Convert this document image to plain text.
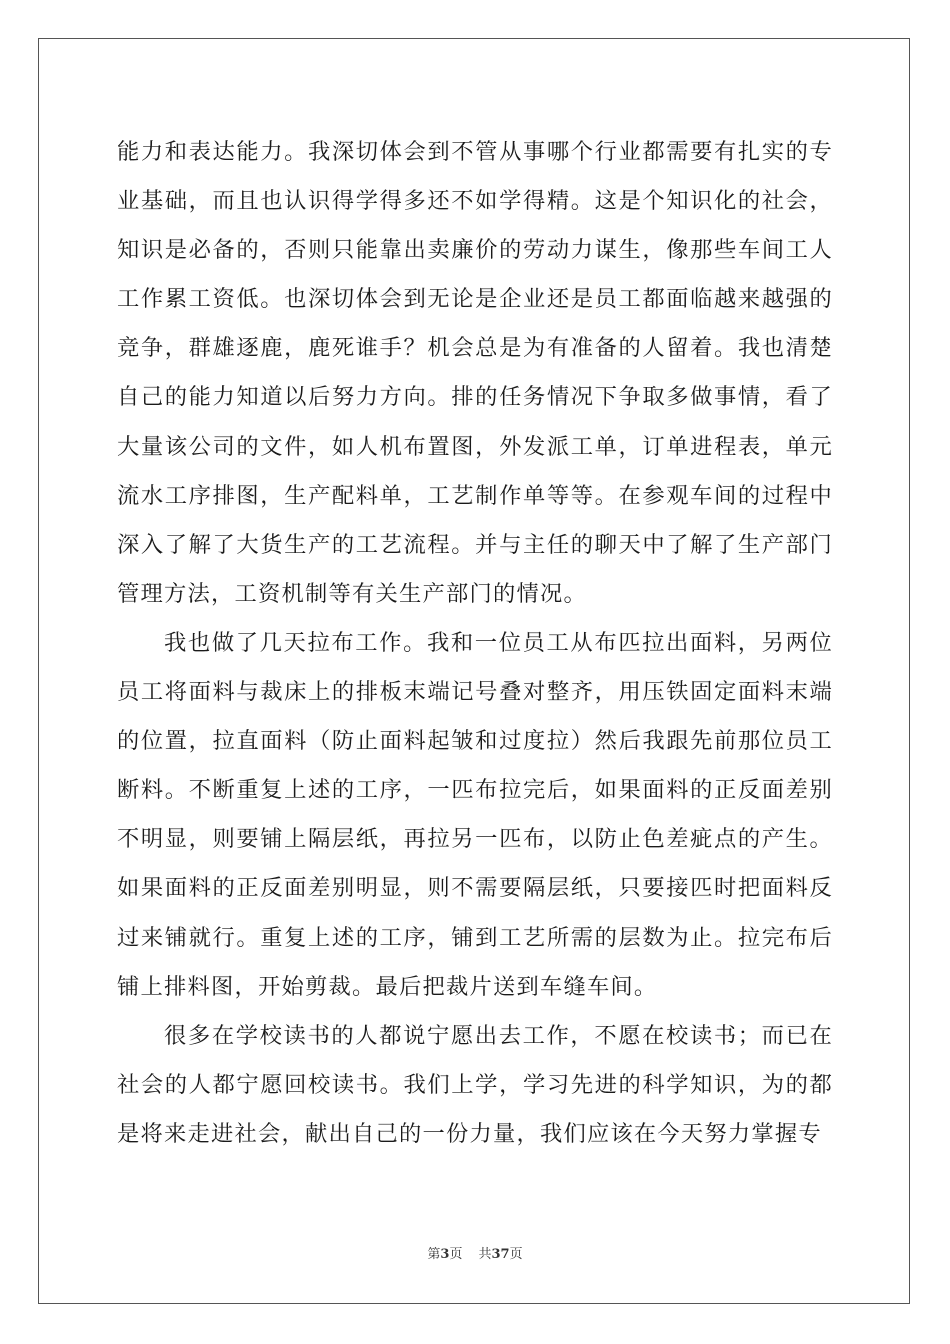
能力和表达能力。我深切体会到不管从事哪个行业都需要有扎实的专业基础，而且也认识得学得多还不如学得精。这是个知识化的社会，知识是必备的，否则只能靠出卖廉价的劳动力谋生，像那些车间工人工作累工资低。也深切体会到无论是企业还是员工都面临越来越强的竞争，群雄逐鹿，鹿死谁手？机会总是为有准备的人留着。我也清楚自己的能力知道以后努力方向。排的任务情况下争取多做事情，看了大量该公司的文件，如人机布置图，外发派工单，订单进程表，单元流水工序排图，生产配料单，工艺制作单等等。在参观车间的过程中深入了解了大货生产的工艺流程。并与主任的聊天中了解了生产部门管理方法，工资机制等有关生产部门的情况。

我也做了几天拉布工作。我和一位员工从布匹拉出面料，另两位员工将面料与裁床上的排板末端记号叠对整齐，用压铁固定面料末端的位置，拉直面料（防止面料起皱和过度拉）然后我跟先前那位员工断料。不断重复上述的工序，一匹布拉完后，如果面料的正反面差别不明显，则要铺上隔层纸，再拉另一匹布，以防止色差疵点的产生。如果面料的正反面差别明显，则不需要隔层纸，只要接匹时把面料反过来铺就行。重复上述的工序，铺到工艺所需的层数为止。拉完布后铺上排料图，开始剪裁。最后把裁片送到车缝车间。

很多在学校读书的人都说宁愿出去工作，不愿在校读书；而已在社会的人都宁愿回校读书。我们上学，学习先进的科学知识，为的都是将来走进社会，献出自己的一份力量，我们应该在今天努力掌握专

第3页 共37页
